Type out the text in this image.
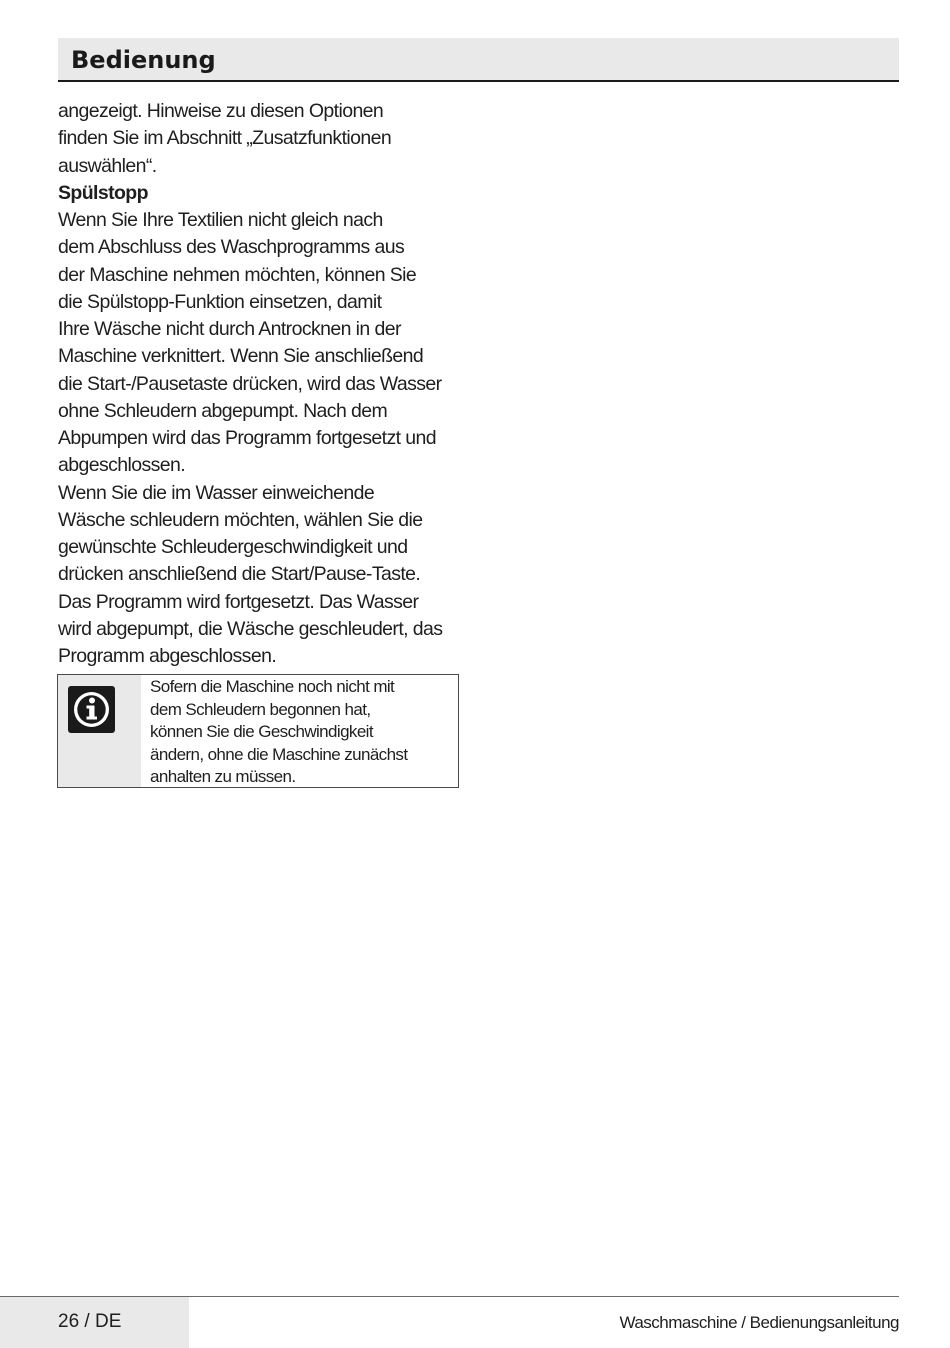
Bedienung
angezeigt. Hinweise zu diesen Optionen
finden Sie im Abschnitt „Zusatzfunktionen
auswählen“.
Spülstopp
Wenn Sie Ihre Textilien nicht gleich nach
dem Abschluss des Waschprogramms aus
der Maschine nehmen möchten, können Sie
die Spülstopp-Funktion einsetzen, damit
Ihre Wäsche nicht durch Antrocknen in der
Maschine verknittert. Wenn Sie anschließend
die Start-/Pausetaste drücken, wird das Wasser
ohne Schleudern abgepumpt. Nach dem
Abpumpen wird das Programm fortgesetzt und
abgeschlossen.
Wenn Sie die im Wasser einweichende
Wäsche schleudern möchten, wählen Sie die
gewünschte Schleudergeschwindigkeit und
drücken anschließend die Start/Pause-Taste.
Das Programm wird fortgesetzt. Das Wasser
wird abgepumpt, die Wäsche geschleudert, das
Programm abgeschlossen.
Sofern die Maschine noch nicht mit
dem Schleudern begonnen hat,
können Sie die Geschwindigkeit
ändern, ohne die Maschine zunächst
anhalten zu müssen.
26 / DE	Waschmaschine / Bedienungsanleitung
